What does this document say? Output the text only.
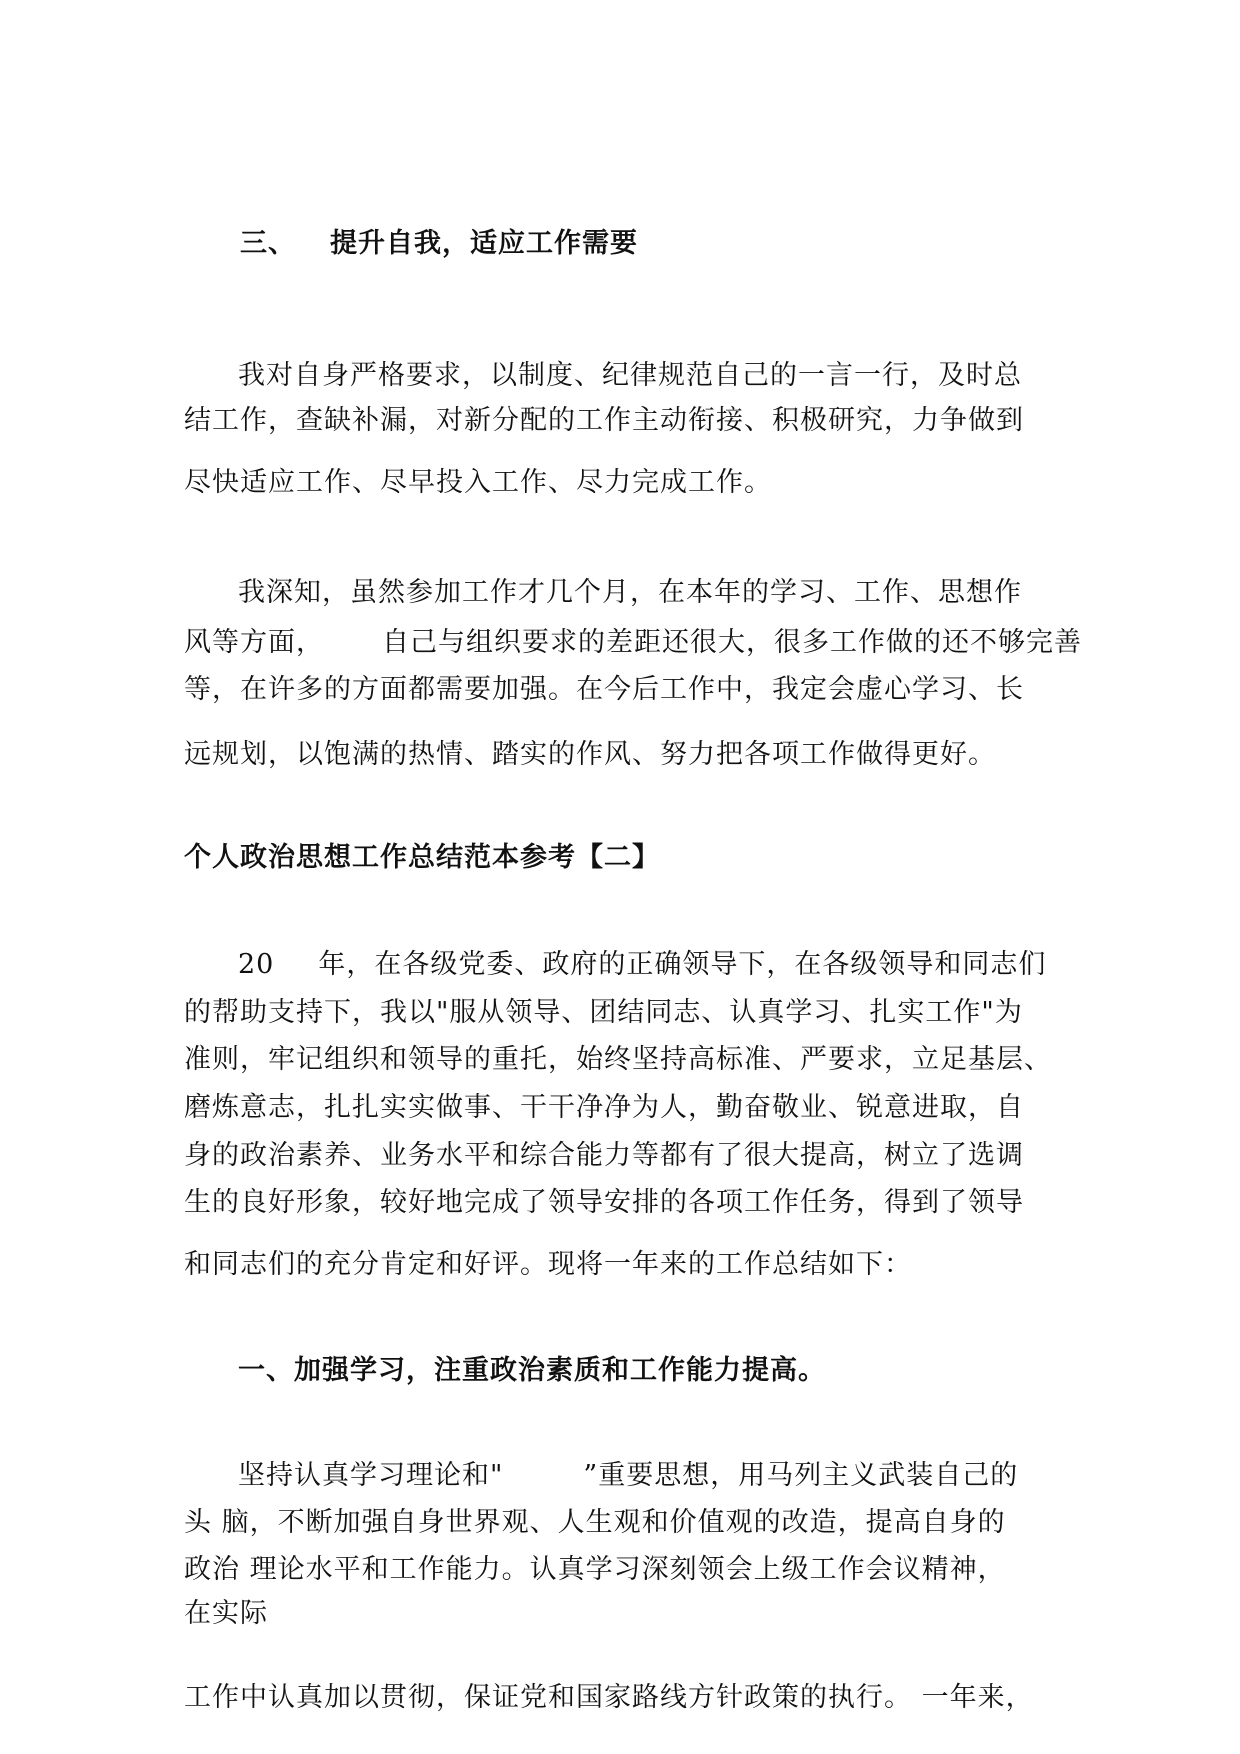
三、 提升自我，适应工作需要
我对自身严格要求，以制度、纪律规范自己的一言一行，及时总
结工作，查缺补漏，对新分配的工作主动衔接、积极研究，力争做到
尽快适应工作、尽早投入工作、尽力完成工作。
我深知，虽然参加工作才几个月，在本年的学习、工作、思想作
风等方面， 自己与组织要求的差距还很大，很多工作做的还不够完善
等，在许多的方面都需要加强。在今后工作中，我定会虚心学习、长
远规划，以饱满的热情、踏实的作风、努力把各项工作做得更好。
个人政治思想工作总结范本参考【二】
20 年，在各级党委、政府的正确领导下，在各级领导和同志们
的帮助支持下，我以"服从领导、团结同志、认真学习、扎实工作"为
准则，牢记组织和领导的重托，始终坚持高标准、严要求，立足基层、
磨炼意志，扎扎实实做事、干干净净为人，勤奋敬业、锐意进取，自
身的政治素养、业务水平和综合能力等都有了很大提高，树立了选调
生的良好形象，较好地完成了领导安排的各项工作任务，得到了领导
和同志们的充分肯定和好评。现将一年来的工作总结如下：
一、加强学习，注重政治素质和工作能力提高。
坚持认真学习理论和"	”重要思想，用马列主义武装自己的
头 脑，不断加强自身世界观、人生观和价值观的改造，提高自身的
政治 理论水平和工作能力。认真学习深刻领会上级工作会议精神，
在实际
工作中认真加以贯彻，保证党和国家路线方针政策的执行。 一年来，
